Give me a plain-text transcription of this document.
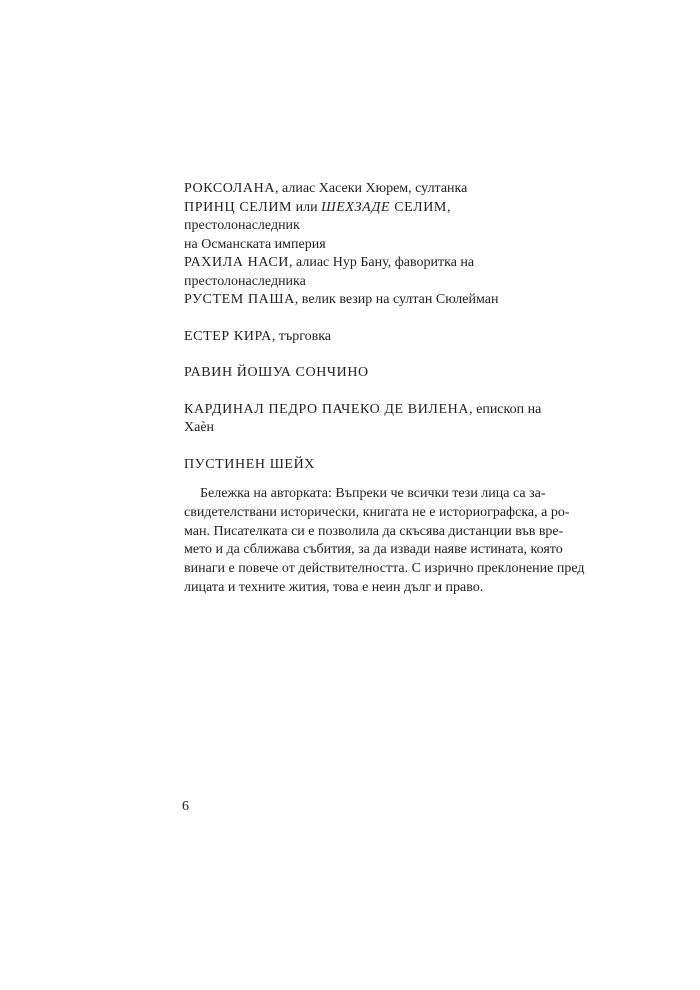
РОКСОЛАНА, алиас Хасеки Хюрем, султанка

ПРИНЦ СЕЛИМ или ШЕХЗАДЕ СЕЛИМ, престолонаследник

на Османската империя

РАХИЛА НАСИ, алиас Нур Бану, фаворитка на

престолонаследника

РУСТЕМ ПАША, велик везир на султан Сюлейман

ЕСТЕР КИРА, търговка

РАВИН ЙОШУА СОНЧИНО

КАРДИНАЛ ПЕДРО ПАЧЕКО ДЕ ВИЛЕНА, епископ на Хаѐн

ПУСТИНЕН ШЕЙХ

Бележка на авторката: Въпреки че всички тези лица са за-
свидетелствани исторически, книгата не е историографска, а ро-
ман. Писателката си е позволила да скъсява дистанции във вре-
мето и да сближава събития, за да извади наяве истината, която
винаги е повече от действителността. С изрично преклонение пред
лицата и техните жития, това е неин дълг и право.
6
